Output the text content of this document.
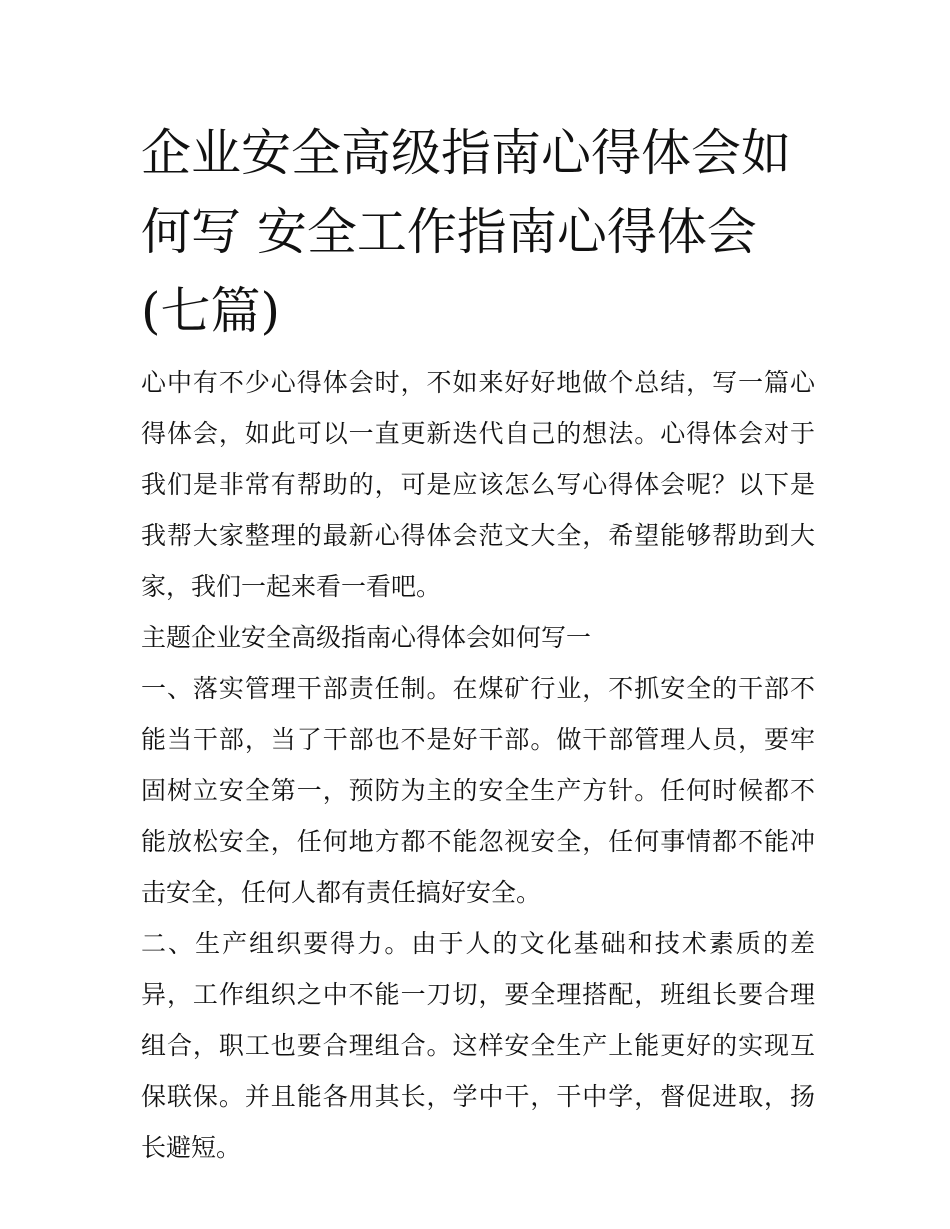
企业安全高级指南心得体会如何写 安全工作指南心得体会(七篇)

心中有不少心得体会时，不如来好好地做个总结，写一篇心得体会，如此可以一直更新迭代自己的想法。心得体会对于我们是非常有帮助的，可是应该怎么写心得体会呢？以下是我帮大家整理的最新心得体会范文大全，希望能够帮助到大家，我们一起来看一看吧。

主题企业安全高级指南心得体会如何写一

一、落实管理干部责任制。在煤矿行业，不抓安全的干部不能当干部，当了干部也不是好干部。做干部管理人员，要牢固树立安全第一，预防为主的安全生产方针。任何时候都不能放松安全，任何地方都不能忽视安全，任何事情都不能冲击安全，任何人都有责任搞好安全。

二、生产组织要得力。由于人的文化基础和技术素质的差异，工作组织之中不能一刀切，要全理搭配，班组长要合理组合，职工也要合理组合。这样安全生产上能更好的实现互保联保。并且能各用其长，学中干，干中学，督促进取，扬长避短。
